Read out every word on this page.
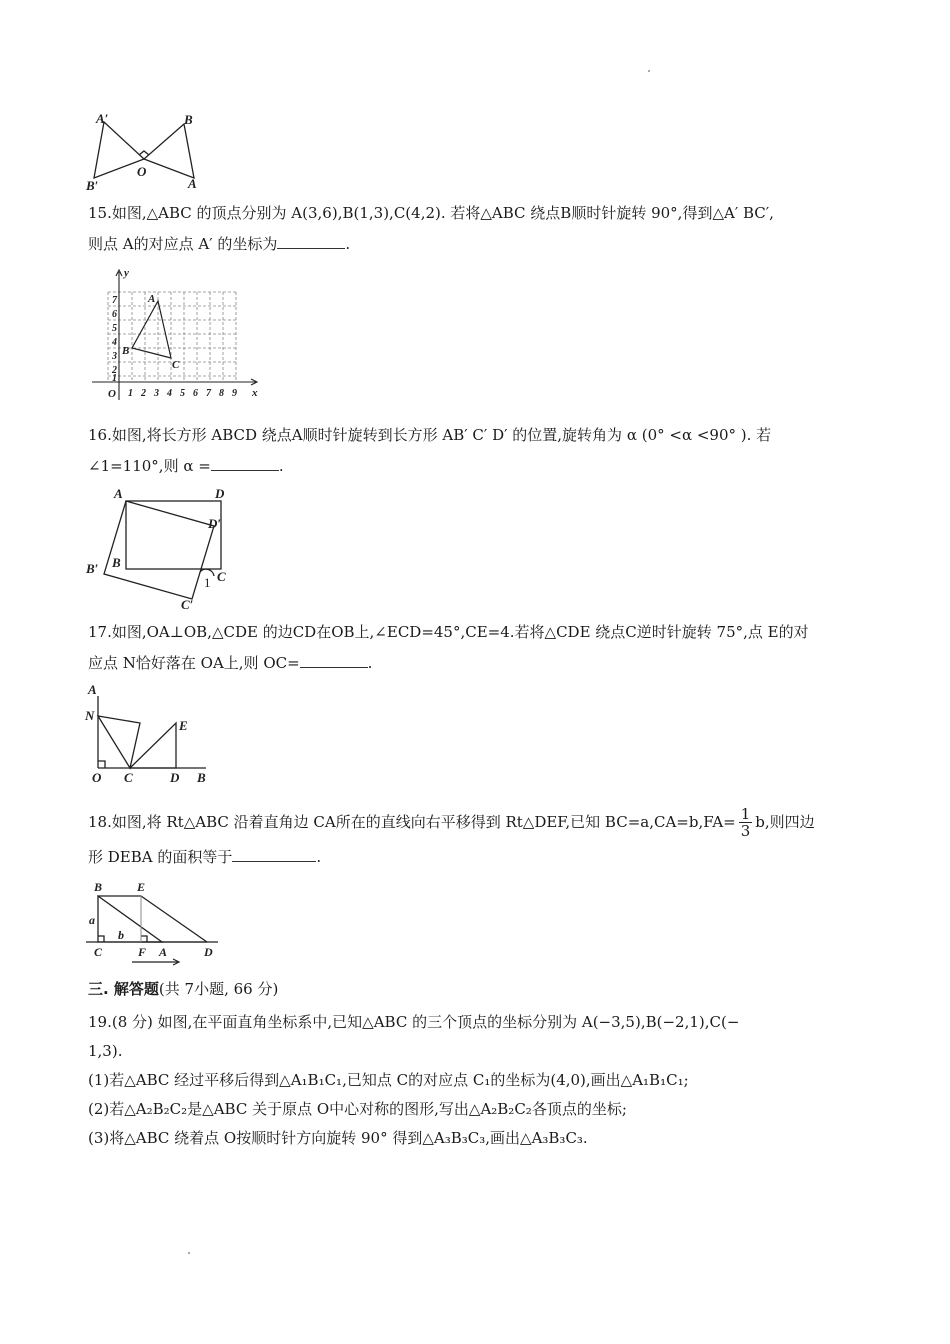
A′	B
O
B′	A
15.如图,△ABC 的顶点分别为 A(3,6),B(1,3),C(4,2). 若将△ABC 绕点B顺时针旋转 90°,得到△A′ BC′,
则点 A的对应点 A′ 的坐标为	.
y
x
O
A
B
C
7
6
5
4
3
2
1
1 2 3 4 5 6 7 8 9
16.如图,将长方形 ABCD 绕点A顺时针旋转到长方形 AB′ C′ D′ 的位置,旋转角为 α (0° <α <90° ). 若
∠1=110°,则 α =	.
A	D
D′
B′ B
1 C
C′
17.如图,OA⊥OB,△CDE 的边CD在OB上,∠ECD=45°,CE=4.若将△CDE 绕点C逆时针旋转 75°,点 E的对
应点 N恰好落在 OA上,则 OC=	.
A
N
E
O C	D B
18.如图,将 Rt△ABC 沿着直角边 CA所在的直线向右平移得到 Rt△DEF,已知 $BC=a,CA=b,FA= \frac{1}{3} b$,则四边
形 DEBA 的面积等于	.
B	E
a
b
C	F A	D
三. 解答题(共 7小题, 66 分)
19.(8 分) 如图,在平面直角坐标系中,已知△ABC 的三个顶点的坐标分别为 A(−3,5),B(−2,1),C(−
1,3).
(1)若△ABC 经过平移后得到△A₁B₁C₁,已知点 C的对应点 C₁的坐标为(4,0),画出△A₁B₁C₁;
(2)若△A₂B₂C₂是△ABC 关于原点 O中心对称的图形,写出△A₂B₂C₂各顶点的坐标;
(3)将△ABC 绕着点 O按顺时针方向旋转 90° 得到△A₃B₃C₃,画出△A₃B₃C₃.
